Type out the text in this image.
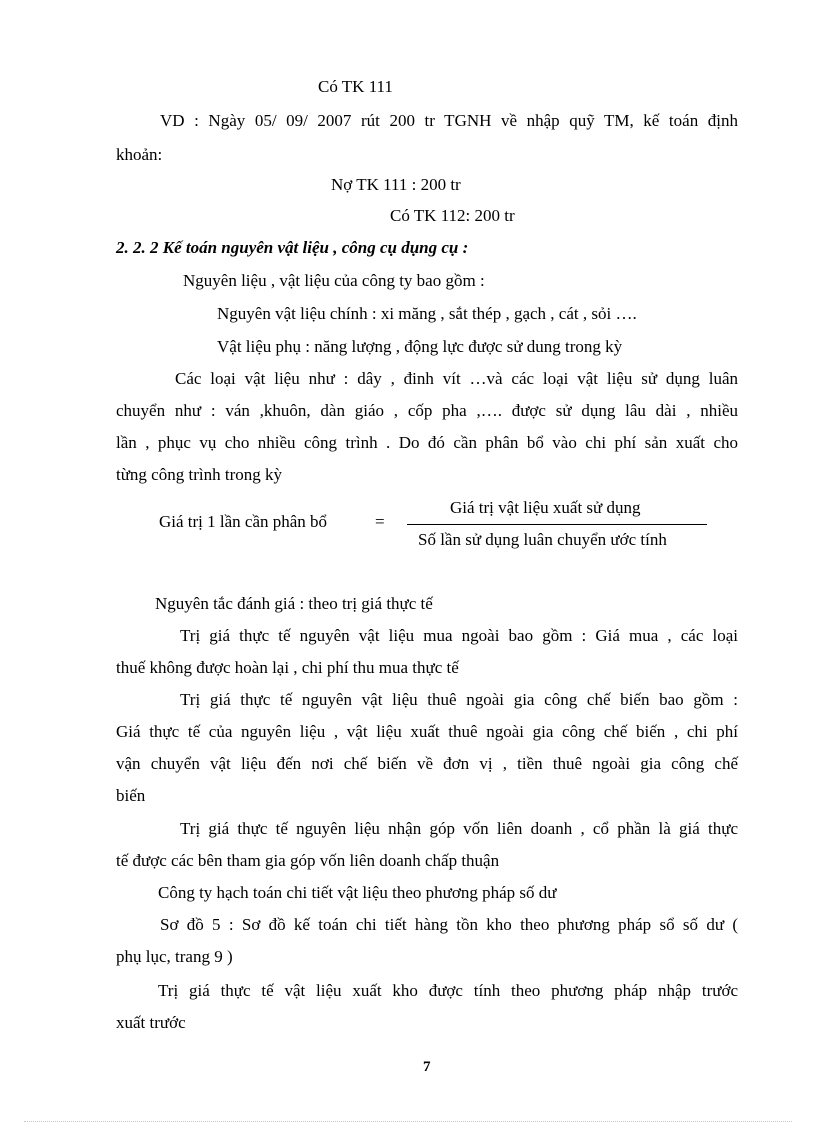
Có TK 111
VD : Ngày 05/ 09/ 2007 rút 200 tr TGNH về nhập quỹ TM, kế toán định
khoản:
Nợ TK 111 : 200 tr
Có TK 112: 200 tr
2. 2. 2 Kế toán nguyên vật liệu , công cụ dụng cụ :
Nguyên liệu , vật liệu của công ty bao gồm :
Nguyên vật liệu chính : xi măng , sắt thép , gạch , cát , sỏi ….
Vật liệu phụ : năng lượng , động lực được sử dung trong kỳ
Các loại vật liệu như : dây , đinh vít …và các loại vật liệu sử dụng luân
chuyển như : ván ,khuôn, dàn giáo , cốp pha ,…. được sử dụng lâu dài , nhiều
lần , phục vụ cho nhiều công trình . Do đó cần phân bổ vào chi phí sản xuất cho
từng công trình trong kỳ
Giá trị 1 lần cần phân bổ	=
Giá trị vật liệu xuất sử dụng
Số lần sử dụng luân chuyển ước tính
Nguyên tắc đánh giá : theo trị giá thực tế
Trị giá thực tế nguyên vật liệu mua ngoài bao gồm : Giá mua , các loại
thuế không được hoàn lại , chi phí thu mua thực tế
Trị giá thực tế nguyên vật liệu thuê ngoài gia công chế biến bao gồm :
Giá thực tế của nguyên liệu , vật liệu xuất thuê ngoài gia công chế biến , chi phí
vận chuyển vật liệu đến nơi chế biến về đơn vị , tiền thuê ngoài gia công chế
biến
Trị giá thực tế nguyên liệu nhận góp vốn liên doanh , cổ phần là giá thực
tế được các bên tham gia góp vốn liên doanh chấp thuận
Công ty hạch toán chi tiết vật liệu theo phương pháp số dư
Sơ đồ 5 : Sơ đồ kế toán chi tiết hàng tồn kho theo phương pháp sổ số dư (
phụ lục, trang 9 )
Trị giá thực tế vật liệu xuất kho được tính theo phương pháp nhập trước
xuất trước
7
